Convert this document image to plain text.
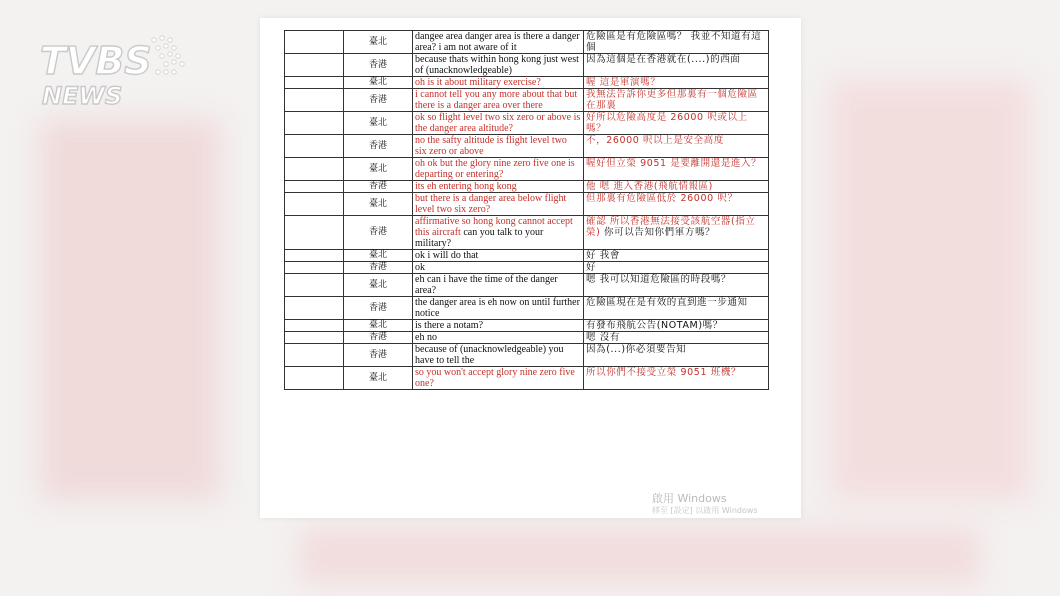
TVBS
NEWS
	臺北	dangee area danger area is there a danger area? i am not aware of it	危險區是有危險區嗎？ 我並不知道有這個
	香港	because thats within hong kong just west of (unacknowledgeable)	因為這個是在香港就在(....)的西面
	臺北	oh is it about military exercise?	喔 這是軍演嗎？
	香港	i cannot tell you any more about that but there is a danger area over there	我無法告訴你更多但那裏有一個危險區在那裏
	臺北	ok so flight level two six zero or above is the danger area altitude?	好所以危險高度是 26000 呎或以上嗎？
	香港	no the safty altitude is flight level two six zero or above	不，26000 呎以上是安全高度
	臺北	oh ok but the glory nine zero five one is departing or entering?	喔好但立榮 9051 是要離開還是進入？
	香港	its eh entering hong kong	他 嗯 進入香港(飛航情報區)
	臺北	but there is a danger area below flight level two six zero?	但那裏有危險區低於 26000 呎？
	香港	affirmative so hong kong cannot accept this aircraft can you talk to your military?	確認 所以香港無法接受該航空器(指立榮) 你可以告知你們軍方嗎？
	臺北	ok i will do that	好 我會
	香港	ok	好
	臺北	eh can i have the time of the danger area?	嗯 我可以知道危險區的時段嗎？
	香港	the danger area is eh now on until further notice	危險區現在是有效的直到進一步通知
	臺北	is there a notam?	有發布飛航公告(NOTAM)嗎？
	香港	eh no	嗯 沒有
	香港	because of (unacknowledgeable) you have to tell the	因為(...)你必須要告知
	臺北	so you won't accept glory nine zero five one?	所以你們不接受立榮 9051 班機？
啟用 Windows
移至 [設定] 以啟用 Windows
